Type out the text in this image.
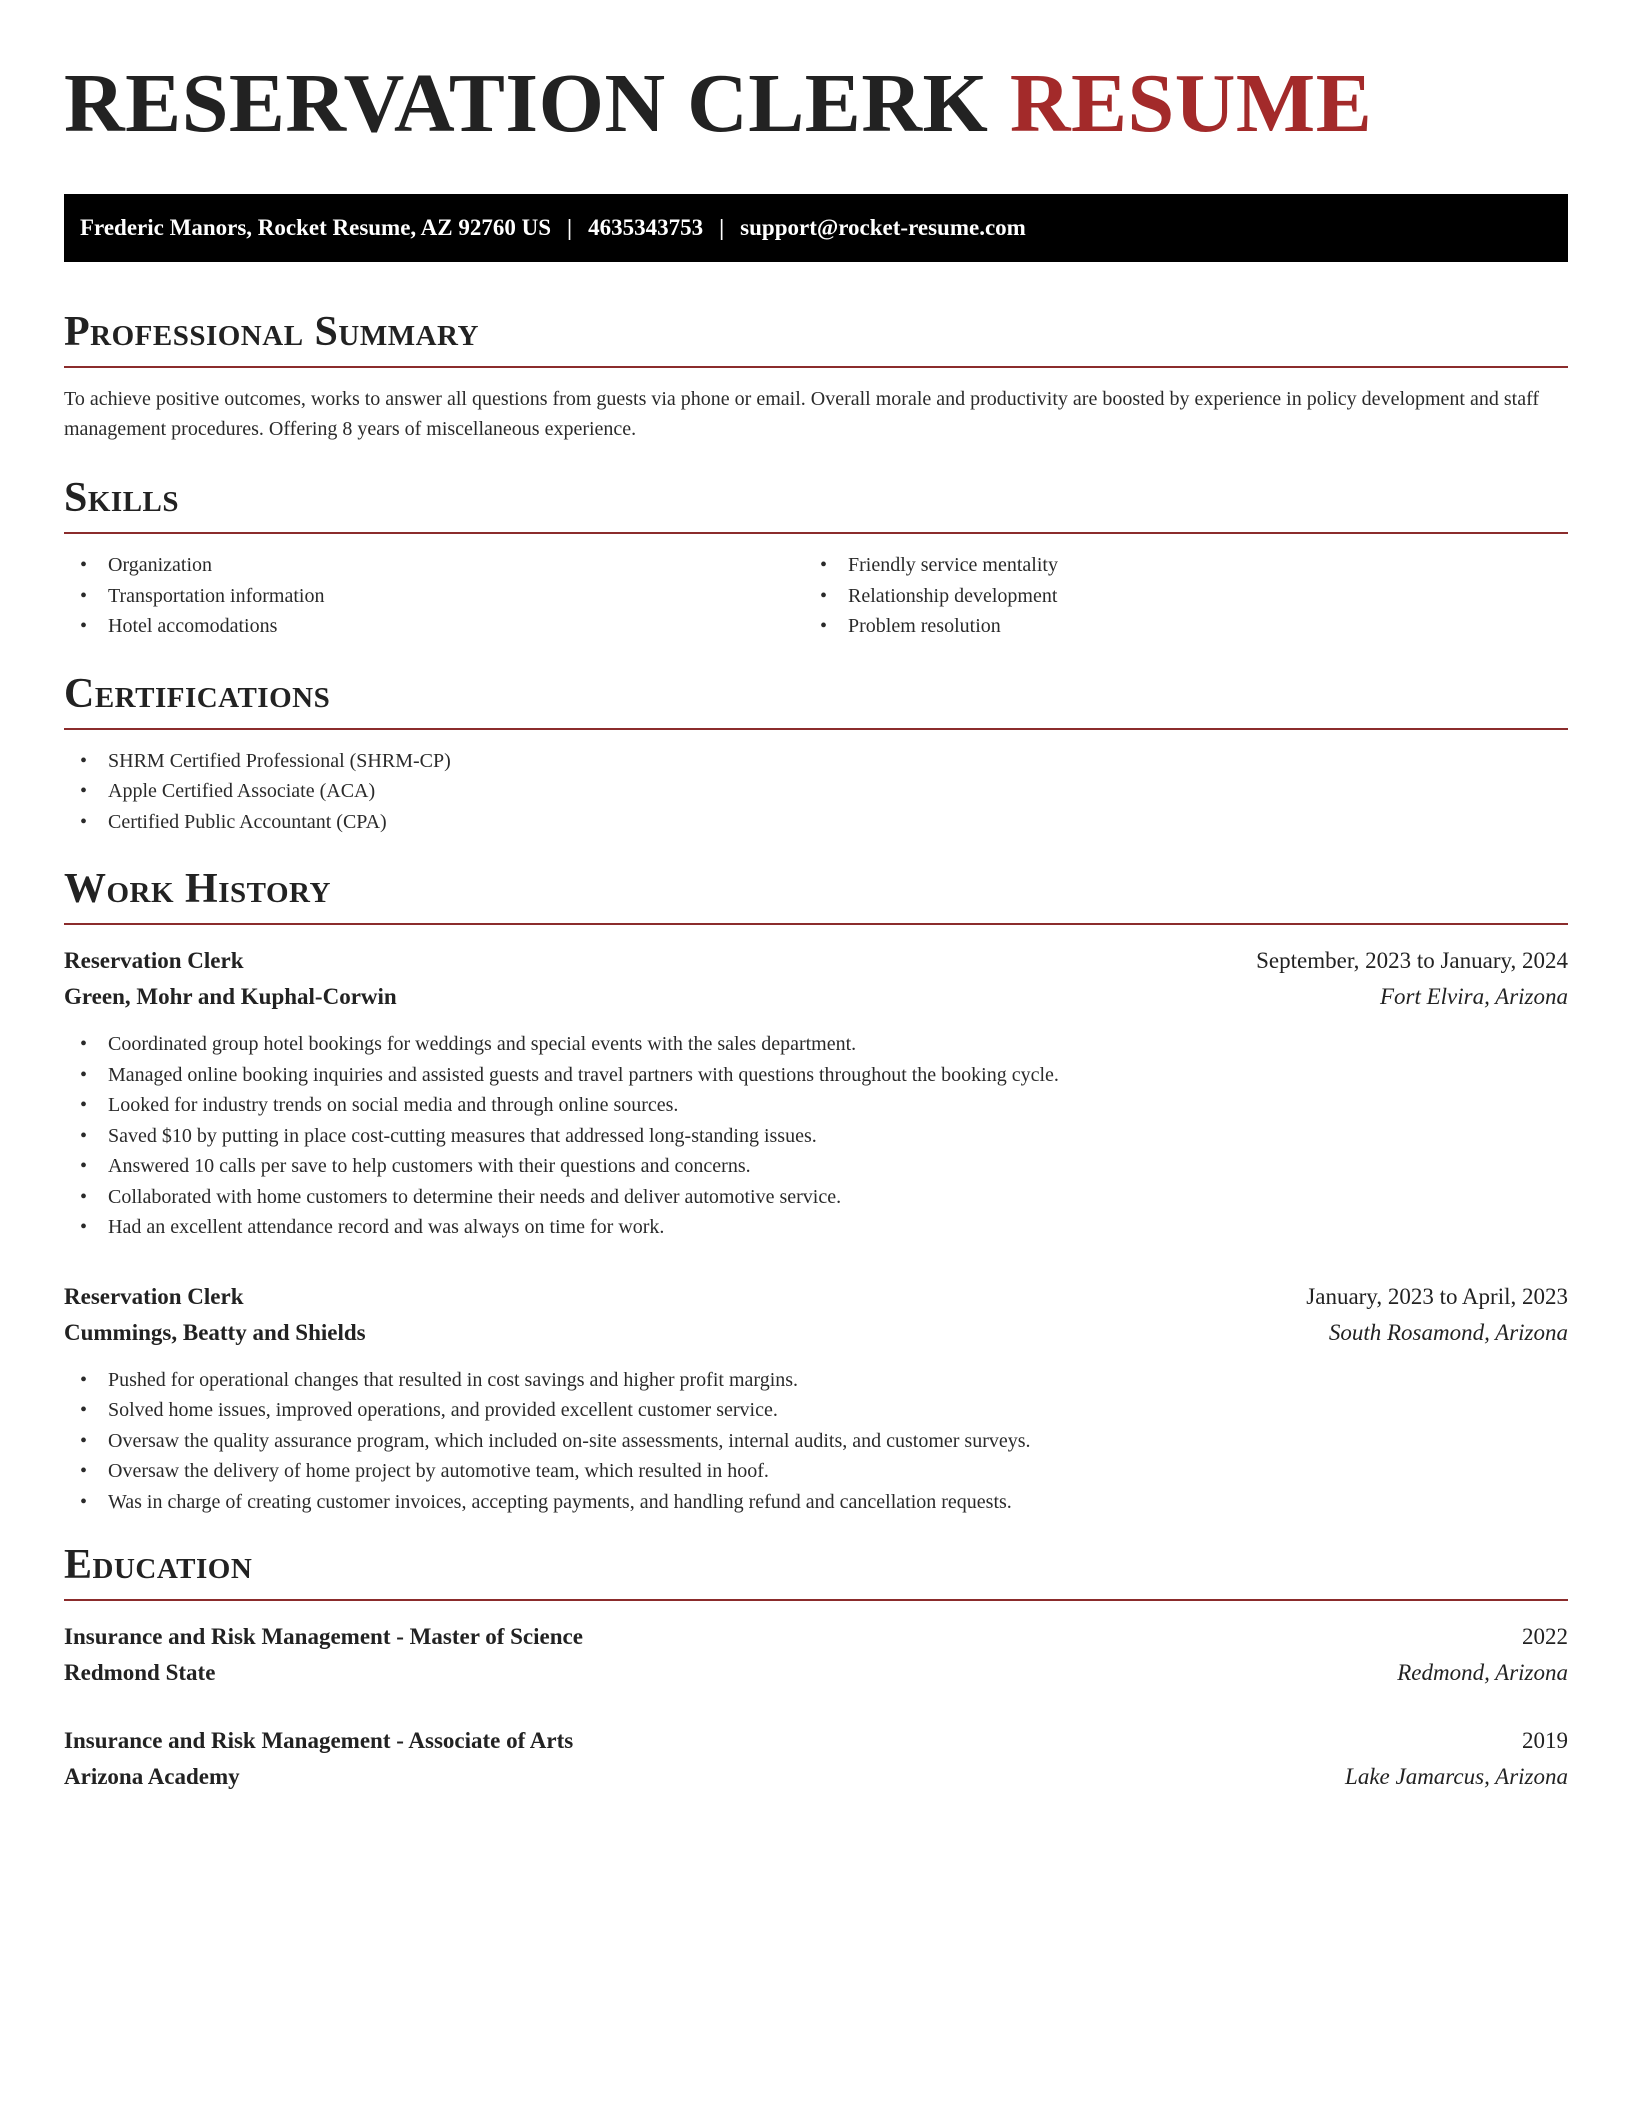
RESERVATION CLERK RESUME
Frederic Manors, Rocket Resume, AZ 92760 US | 4635343753 | support@rocket-resume.com
Professional Summary

To achieve positive outcomes, works to answer all questions from guests via phone or email. Overall morale and productivity are boosted by experience in policy development and staff management procedures. Offering 8 years of miscellaneous experience.

Skills
• Organization
• Transportation information
• Hotel accomodations
• Friendly service mentality
• Relationship development
• Problem resolution
Certifications
• SHRM Certified Professional (SHRM-CP)
• Apple Certified Associate (ACA)
• Certified Public Accountant (CPA)
Work History
Reservation Clerk	September, 2023 to January, 2024
Green, Mohr and Kuphal-Corwin	Fort Elvira, Arizona
• Coordinated group hotel bookings for weddings and special events with the sales department.
• Managed online booking inquiries and assisted guests and travel partners with questions throughout the booking cycle.
• Looked for industry trends on social media and through online sources.
• Saved $10 by putting in place cost-cutting measures that addressed long-standing issues.
• Answered 10 calls per save to help customers with their questions and concerns.
• Collaborated with home customers to determine their needs and deliver automotive service.
• Had an excellent attendance record and was always on time for work.
Reservation Clerk	January, 2023 to April, 2023
Cummings, Beatty and Shields	South Rosamond, Arizona
• Pushed for operational changes that resulted in cost savings and higher profit margins.
• Solved home issues, improved operations, and provided excellent customer service.
• Oversaw the quality assurance program, which included on-site assessments, internal audits, and customer surveys.
• Oversaw the delivery of home project by automotive team, which resulted in hoof.
• Was in charge of creating customer invoices, accepting payments, and handling refund and cancellation requests.
Education
Insurance and Risk Management - Master of Science	2022
Redmond State	Redmond, Arizona
Insurance and Risk Management - Associate of Arts	2019
Arizona Academy	Lake Jamarcus, Arizona
